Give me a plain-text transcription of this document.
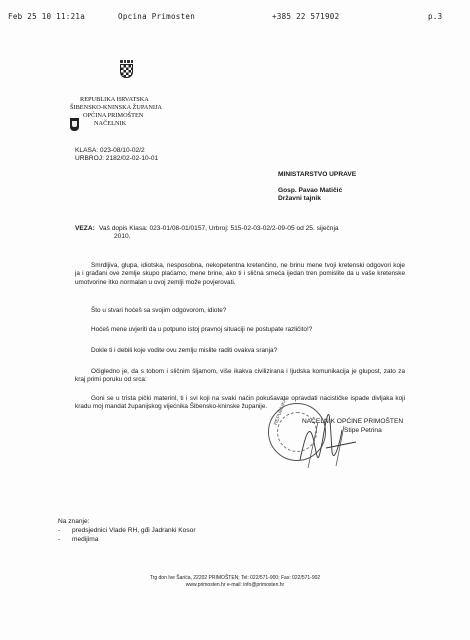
Feb 25 10 11:21a	Opcina Primosten	+385 22 571902	p.3
REPUBLIKA HRVATSKA
ŠIBENSKO-KNINSKA ŽUPANIJA
OPĆINA PRIMOŠTEN
NAČELNIK
KLASA: 023-08/10-02/2
URBROJ: 2182/02-02-10-01
MINISTARSTVO UPRAVE
Gosp. Pavao Matičić
Državni tajnik
VEZA: Vaš dopis Klasa: 023-01/08-01/0157, Urbroj: 515-02-03-02/2-09-05 od 25. siječnja
2010.
Smrdljiva, glupa, idiotska, nesposobna, nekopetentna kretenčino, ne brinu mene tvoji kretenski odgovori koje ja i građani ove zemlje skupo plaćamo, mene brine, ako ti i slična smeća ijedan tren pomislite da u vaše kretenske umotvorine itko normalan u ovoj zemlji može povjerovati.
Što u stvari hoćeš sa svojim odgovorom, idiote?
Hoćeš mene uvjeriti da u potpuno istoj pravnoj situaciji ne postupate različito!?
Dokle ti i debili koje vodite ovu zemlju mislite raditi ovakva sranja?
Očigledno je, da s tobom i sličnim šljamom, više ikakva civilizirana i ljudska komunikacija je glupost, zato za kraj primi poruku od srca:
Goni se u trista pički materinl, ti i svi koji na svaki način pokušavate opravdati nacističke ispade divljaka koji kradu moj mandat županijskog vijećnika Šibensko-kninske županije.	REPUBLIKA NAČELNIK OPĆINE PRIMOŠTEN
Stipe Petrina
Na znanje:
- predsjednici Vlade RH, gđi Jadranki Kosor
- medijima
Trg don Ive Šarića, 22202 PRIMOŠTEN; Tel: 022/571-900; Fax: 022/571-902
www.primosten.hr e-mail: info@primosten.hr
